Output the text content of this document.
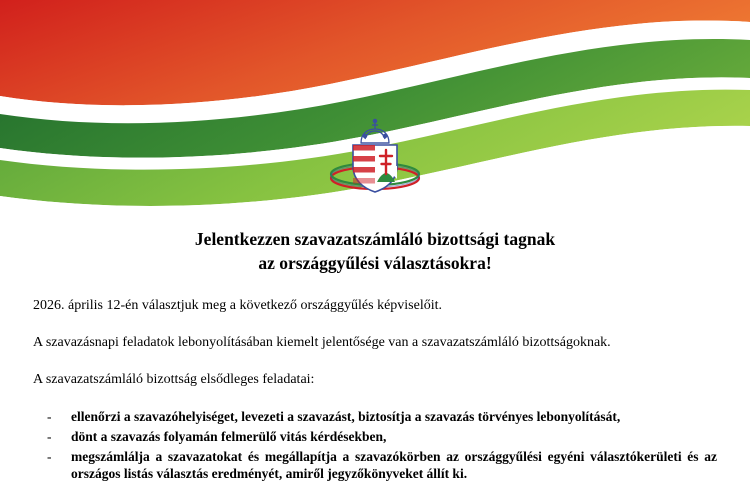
Jelentkezzen szavazatszámláló bizottsági tagnak
az országgyűlési választásokra!

2026. április 12-én választjuk meg a következő országgyűlés képviselőit.

A szavazásnapi feladatok lebonyolításában kiemelt jelentősége van a szavazatszámláló bizottságoknak.

A szavazatszámláló bizottság elsődleges feladatai:

-	ellenőrzi a szavazóhelyiséget, levezeti a szavazást, biztosítja a szavazás törvényes lebonyolítását,
-	dönt a szavazás folyamán felmerülő vitás kérdésekben,
-	megszámlálja a szavazatokat és megállapítja a szavazókörben az országgyűlési egyéni választókerületi és az országos listás választás eredményét, amiről jegyzőkönyveket állít ki.
